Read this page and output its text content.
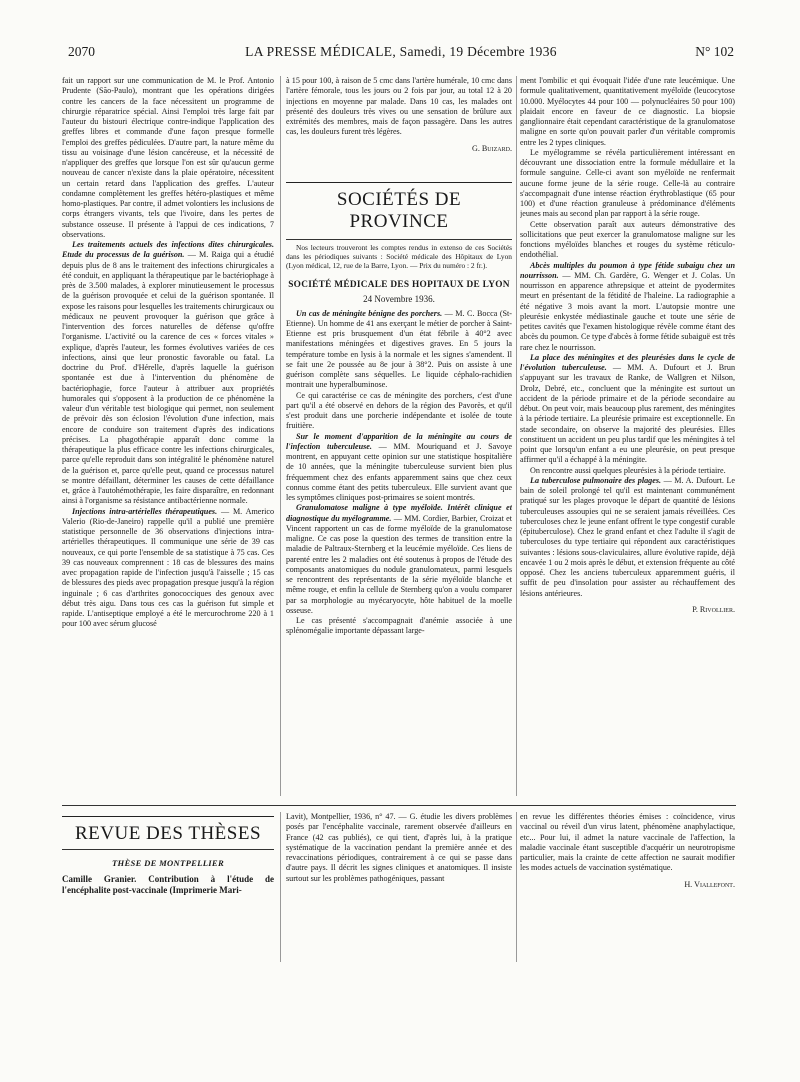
2070	LA PRESSE MÉDICALE, Samedi, 19 Décembre 1936	N° 102

fait un rapport sur une communication de M. le Prof. Antonio Prudente (São-Paulo), montrant que les opérations dirigées contre les cancers de la face nécessitent un programme de chirurgie réparatrice spécial. Ainsi l'emploi très large fait par l'auteur du bistouri électrique contre-indique l'application des greffes libres et commande d'une façon presque formelle l'emploi des greffes pédiculées. D'autre part, la nature même du tissu au voisinage d'une lésion cancéreuse, et la nécessité de n'appliquer des greffes que lorsque l'on est sûr qu'aucun germe nouveau de cancer n'existe dans la plaie opératoire, nécessitent un certain retard dans l'application des greffes. L'auteur condamne complètement les greffes hétéro-plastiques et même homo-plastiques. Par contre, il admet volontiers les inclusions de corps étrangers vivants, tels que l'ivoire, dans les pertes de substance osseuse. Il présente à l'appui de ces indications, 7 observations.

Les traitements actuels des infections dites chirurgicales. Etude du processus de la guérison. — M. Raiga qui a étudié depuis plus de 8 ans le traitement des infections chirurgicales a été conduit, en appliquant la thérapeutique par le bactériophage à près de 3.500 malades, à explorer minutieusement le processus de la guérison provoquée et celui de la guérison spontanée. Il expose les raisons pour lesquelles les traitements chirurgicaux ou médicaux ne peuvent provoquer la guérison que grâce à l'intervention des forces naturelles de défense qu'offre l'organisme. L'activité ou la carence de ces « forces vitales » explique, d'après l'auteur, les formes évolutives variées de ces infections, ainsi que leur pronostic favorable ou fatal. La doctrine du Prof. d'Hérelle, d'après laquelle la guérison spontanée est due à l'intervention du phénomène de bactériophagie, force l'auteur à attribuer aux propriétés humorales qui s'opposent à la production de ce phénomène la valeur d'un véritable test biologique qui permet, non seulement de prévoir dès son éclosion l'évolution d'une infection, mais encore de conduire son traitement d'après des indications précises. La phagothérapie apparaît donc comme la thérapeutique la plus efficace contre les infections chirurgicales, parce qu'elle reproduit dans son intégralité le phénomène naturel de la guérison et, parce qu'elle peut, quand ce processus naturel se montre défaillant, déterminer les causes de cette défaillance et, grâce à l'autohémothérapie, les faire disparaître, en redonnant ainsi à l'organisme sa résistance antibactérienne normale.

Injections intra-artérielles thérapeutiques. — M. Americo Valerio (Rio-de-Janeiro) rappelle qu'il a publié une première statistique personnelle de 36 observations d'injections intra-artérielles thérapeutiques. Il communique une série de 39 cas nouveaux, ce qui porte l'ensemble de sa statistique à 75 cas. Ces 39 cas nouveaux comprennent : 18 cas de blessures des mains avec propagation rapide de l'infection jusqu'à l'aisselle ; 15 cas de blessures des pieds avec propagation presque jusqu'à la région inguinale ; 6 cas d'arthrites gonococciques des genoux avec début très aigu. Dans tous ces cas la guérison fut simple et rapide. L'antiseptique employé a été le mercurochrome 220 à 1 pour 100 avec sérum glucosé

à 15 pour 100, à raison de 5 cmc dans l'artère humérale, 10 cmc dans l'artère fémorale, tous les jours ou 2 fois par jour, au total 12 à 20 injections en moyenne par malade. Dans 10 cas, les malades ont présenté des douleurs très vives ou une sensation de brûlure aux extrémités des membres, mais de façon passagère. Dans les autres cas, les douleurs furent très légères.

G. Buizard.
SOCIÉTÉS DE PROVINCE

Nos lecteurs trouveront les comptes rendus in extenso de ces Sociétés dans les périodiques suivants : Société médicale des Hôpitaux de Lyon (Lyon médical, 12, rue de la Barre, Lyon. — Prix du numéro : 2 fr.).

SOCIÉTÉ MÉDICALE DES HOPITAUX DE LYON
24 Novembre 1936.

Un cas de méningite bénigne des porchers. — M. C. Bocca (St-Etienne). Un homme de 41 ans exerçant le métier de porcher à Saint-Etienne est pris brusquement d'un état fébrile à 40°2 avec manifestations méningées et digestives graves. En 5 jours la température tombe en lysis à la normale et les signes s'amendent. Il se fait une 2e poussée au 8e jour à 38°2. Puis on assiste à une guérison complète sans séquelles. Le liquide céphalo-rachidien montrait une hyperalbuminose.

Ce qui caractérise ce cas de méningite des porchers, c'est d'une part qu'il a été observé en dehors de la région des Pavorès, et qu'il s'est produit dans une porcherie indépendante et isolée de toute fruitière.

Sur le moment d'apparition de la méningite au cours de l'infection tuberculeuse. — MM. Mouriquand et J. Savoye montrent, en appuyant cette opinion sur une statistique hospitalière de 10 années, que la méningite tuberculeuse survient bien plus fréquemment chez des enfants apparemment sains que chez ceux connus comme étant des petits tuberculeux. Elle survient avant que les symptômes cliniques post-primaires se soient montrés.

Granulomatose maligne à type myéloïde. Intérêt clinique et diagnostique du myélogramme. — MM. Cordier, Barbier, Croizat et Vincent rapportent un cas de forme myéloïde de la granulomatose maligne. Ce cas pose la question des termes de transition entre la maladie de Paltraux-Sternberg et la leucémie myéloïde. Ces liens de parenté entre les 2 maladies ont été soutenus à propos de l'étude des composants anatomiques du nodule granulomateux, parmi lesquels se rencontrent des représentants de la série myéloïde blanche et même rouge, et enfin la cellule de Sternberg qu'on a voulu comparer par sa morphologie au myécaryocyte, hôte habituel de la moelle osseuse.

Le cas présenté s'accompagnait d'anémie associée à une splénomégalie importante dépassant large-

ment l'ombilic et qui évoquait l'idée d'une rate leucémique. Une formule qualitativement, quantitativement myéloïde (leucocytose 10.000. Myélocytes 44 pour 100 — polynucléaires 50 pour 100) plaidait encore en faveur de ce diagnostic. La biopsie ganglionnaire était cependant caractéristique de la granulomatose maligne en sorte qu'on pouvait parler d'un véritable compromis entre les 2 types cliniques.

Le myélogramme se révéla particulièrement intéressant en découvrant une dissociation entre la formule médullaire et la formule sanguine. Celle-ci avant son myéloïde ne renfermait aucune forme jeune de la série rouge. Celle-là au contraire s'accompagnait d'une intense réaction érythroblastique (65 pour 100) et d'une réaction granuleuse à prédominance d'éléments jeunes mais au second plan par rapport à la série rouge.

Cette observation paraît aux auteurs démonstrative des sollicitations que peut exercer la granulomatose maligne sur les fonctions myéloïdes blanches et rouges du système réticulo-endothélial.

Abcès multiples du poumon à type fétide subaigu chez un nourrisson. — MM. Ch. Gardère, G. Wenger et J. Colas. Un nourrisson en apparence athrepsique et atteint de pyodermites meurt en présentant de la fétidité de l'haleine. La radiographie a été négative 3 mois avant la mort. L'autopsie montre une pleurésie enkystée médiastinale gauche et toute une série de petites cavités que l'examen histologique révèle comme étant des abcès du poumon. Ce type d'abcès à forme fétide subaiguë est très rare chez le nourrisson.

La place des méningites et des pleurésies dans le cycle de l'évolution tuberculeuse. — MM. A. Dufourt et J. Brun s'appuyant sur les travaux de Ranke, de Wallgren et Nilson, Drolz, Debré, etc., concluent que la méningite est surtout un accident de la période primaire et de la période secondaire au début. On peut voir, mais beaucoup plus rarement, des méningites à la période tertiaire. La pleurésie primaire est exceptionnelle. En stade secondaire, on observe la majorité des pleurésies. Elles constituent un accident un peu plus tardif que les méningites à tel point que lorsqu'un enfant a eu une pleurésie, on peut presque affirmer qu'il a échappé à la méningite.

On rencontre aussi quelques pleurésies à la période tertiaire.

La tuberculose pulmonaire des plages. — M. A. Dufourt. Le bain de soleil prolongé tel qu'il est maintenant communément pratiqué sur les plages provoque le départ de quantité de lésions tuberculeuses assoupies qui ne se seraient jamais réveillées. Ces tuberculoses chez le jeune enfant offrent le type congestif curable (épituberculose). Chez le grand enfant et chez l'adulte il s'agit de tuberculoses du type tertiaire qui répondent aux caractéristiques suivantes : lésions sous-claviculaires, allure évolutive rapide, déjà encavée 1 ou 2 mois après le début, et extension fréquente au côté opposé. Chez les anciens tuberculeux apparemment guéris, il suffit de peu d'insolation pour assister au réchauffement des lésions antérieures.

P. Rivollier.
REVUE DES THÈSES
THÈSE DE MONTPELLIER

Camille Granier. Contribution à l'étude de l'encéphalite post-vaccinale (Imprimerie Mari-

Lavit), Montpellier, 1936, n° 47. — G. étudie les divers problèmes posés par l'encéphalite vaccinale, rarement observée d'ailleurs en France (42 cas publiés), ce qui tient, d'après lui, à la pratique systématique de la vaccination pendant la première année et des revaccinations périodiques, contrairement à ce qui se passe dans d'autre pays. Il décrit les signes cliniques et anatomiques. Il insiste surtout sur les problèmes pathogéniques, passant

en revue les différentes théories émises : coïncidence, virus vaccinal ou réveil d'un virus latent, phénomène anaphylactique, etc... Pour lui, il admet la nature vaccinale de l'affection, la maladie vaccinale étant susceptible d'acquérir un neurotropisme particulier, mais la crainte de cette affection ne saurait modifier les modes actuels de vaccination systématique.

H. Viallefont.
